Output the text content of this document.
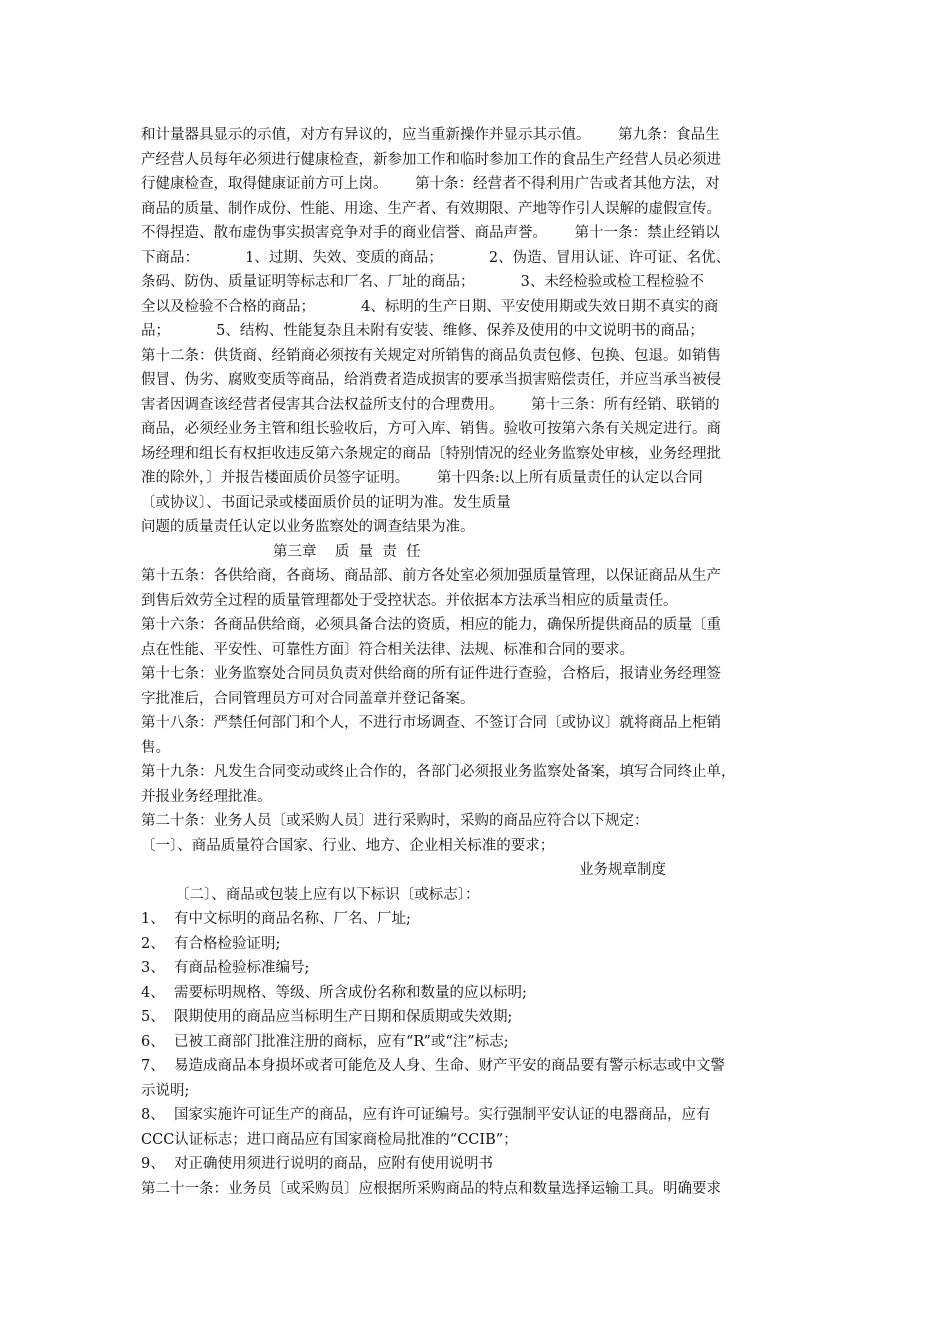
和计量器具显示的示值，对方有异议的，应当重新操作并显示其示值。      第九条：食品生
产经营人员每年必须进行健康检查，新参加工作和临时参加工作的食品生产经营人员必须进
行健康检查，取得健康证前方可上岗。      第十条：经营者不得利用广告或者其他方法，对
商品的质量、制作成份、性能、用途、生产者、有效期限、产地等作引人误解的虚假宣传。
不得捏造、散布虚伪事实损害竞争对手的商业信誉、商品声誉。      第十一条：禁止经销以
下商品：          1、过期、失效、变质的商品；          2、伪造、冒用认证、许可证、名优、
条码、防伪、质量证明等标志和厂名、厂址的商品；          3、未经检验或检工程检验不
全以及检验不合格的商品；          4、标明的生产日期、平安使用期或失效日期不真实的商
品；          5、结构、性能复杂且未附有安装、维修、保养及使用的中文说明书的商品；
第十二条：供货商、经销商必须按有关规定对所销售的商品负责包修、包换、包退。如销售
假冒、伪劣、腐败变质等商品，给消费者造成损害的要承当损害赔偿责任，并应当承当被侵
害者因调查该经营者侵害其合法权益所支付的合理费用。      第十三条：所有经销、联销的
商品，必须经业务主管和组长验收后，方可入库、销售。验收可按第六条有关规定进行。商
场经理和组长有权拒收违反第六条规定的商品〔特别情况的经业务监察处审核，业务经理批
准的除外，〕并报告楼面质价员签字证明。      第十四条:以上所有质量责任的认定以合同
〔或协议〕、书面记录或楼面质价员的证明为准。发生质量
问题的质量责任认定以业务监察处的调查结果为准。
第三章    质  量  责  任
第十五条：各供给商，各商场、商品部、前方各处室必须加强质量管理，以保证商品从生产
到售后效劳全过程的质量管理都处于受控状态。并依据本方法承当相应的质量责任。
第十六条：各商品供给商，必须具备合法的资质，相应的能力，确保所提供商品的质量〔重
点在性能、平安性、可靠性方面〕符合相关法律、法规、标准和合同的要求。
第十七条：业务监察处合同员负责对供给商的所有证件进行查验，合格后，报请业务经理签
字批准后，合同管理员方可对合同盖章并登记备案。
第十八条：严禁任何部门和个人，不进行市场调查、不签订合同〔或协议〕就将商品上柜销
售。
第十九条：凡发生合同变动或终止合作的，各部门必须报业务监察处备案，填写合同终止单，
并报业务经理批准。
第二十条：业务人员〔或采购人员〕进行采购时，采购的商品应符合以下规定：
〔一〕、商品质量符合国家、行业、地方、企业相关标准的要求；
业务规章制度
〔二〕、商品或包装上应有以下标识〔或标志〕：
1、  有中文标明的商品名称、厂名、厂址;
2、  有合格检验证明;
3、  有商品检验标准编号;
4、  需要标明规格、等级、所含成份名称和数量的应以标明;
5、  限期使用的商品应当标明生产日期和保质期或失效期;
6、  已被工商部门批准注册的商标，应有“R”或“注”标志;
7、  易造成商品本身损坏或者可能危及人身、生命、财产平安的商品要有警示标志或中文警
示说明;
8、  国家实施许可证生产的商品，应有许可证编号。实行强制平安认证的电器商品，应有
CCC认证标志；进口商品应有国家商检局批准的“CCIB”；
9、  对正确使用须进行说明的商品，应附有使用说明书
第二十一条：业务员〔或采购员〕应根据所采购商品的特点和数量选择运输工具。明确要求
